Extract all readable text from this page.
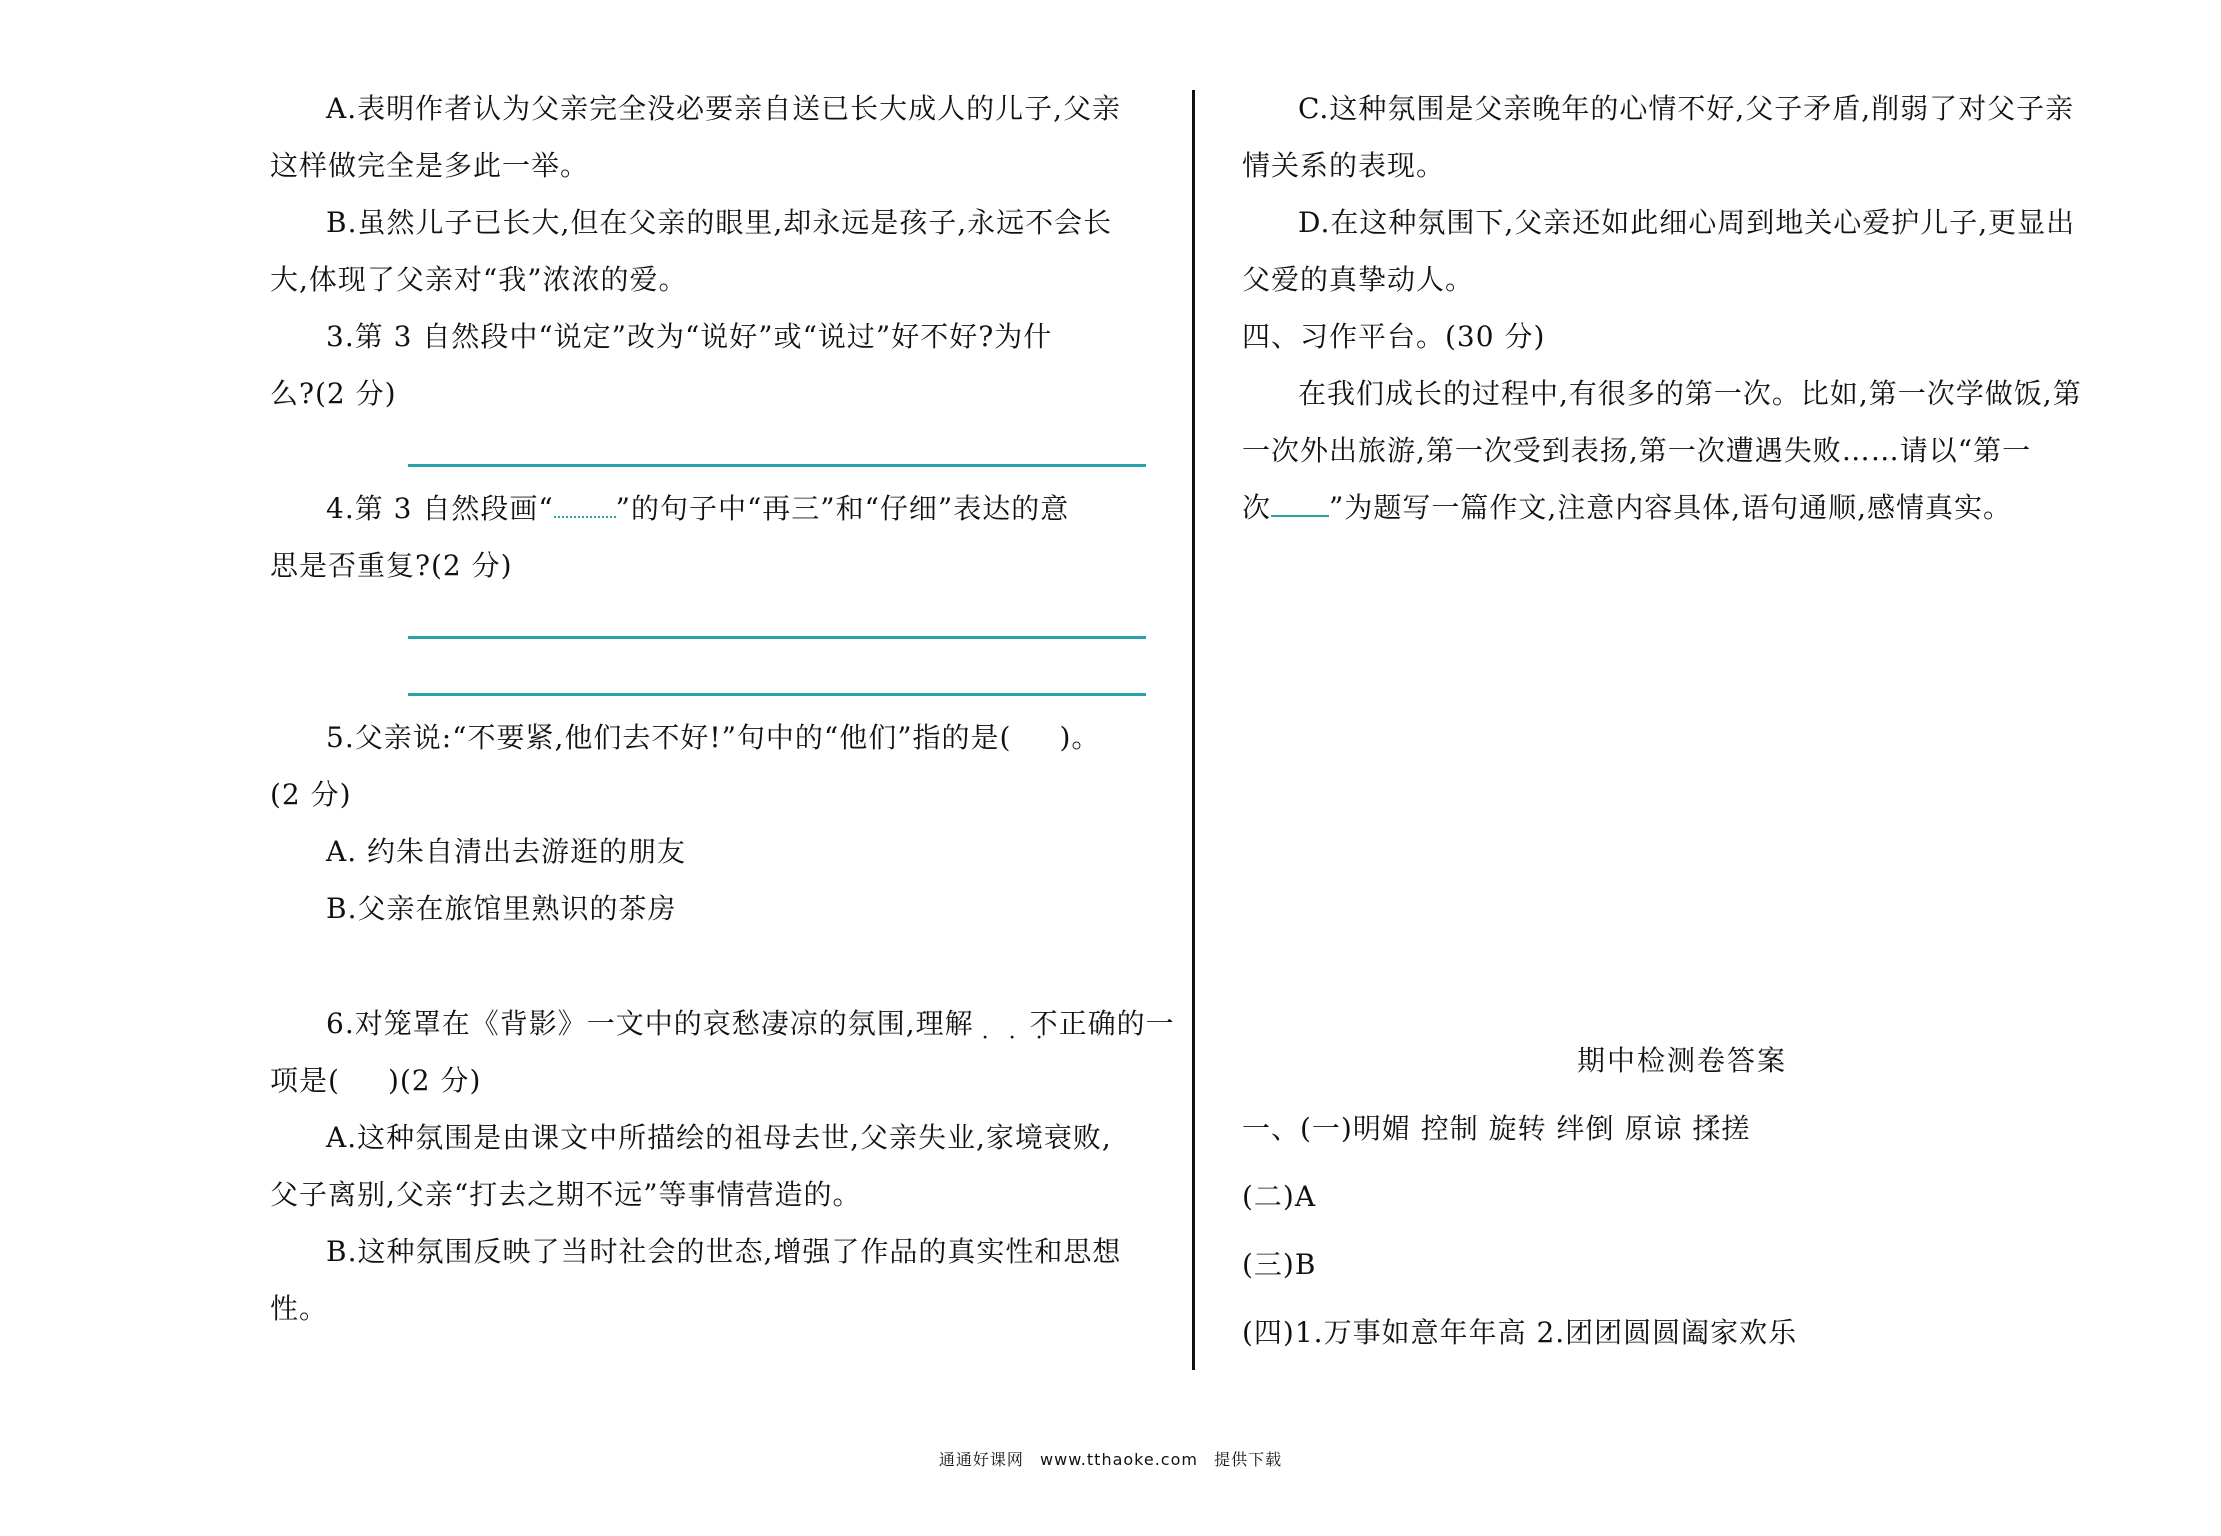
A.表明作者认为父亲完全没必要亲自送已长大成人的儿子,父亲
这样做完全是多此一举。
B.虽然儿子已长大,但在父亲的眼里,却永远是孩子,永远不会长
大,体现了父亲对“我”浓浓的爱。
3.第 3 自然段中“说定”改为“说好”或“说过”好不好?为什
么?(2 分)
4.第 3 自然段画“ ”的句子中“再三”和“仔细”表达的意
思是否重复?(2 分)
5.父亲说:“不要紧,他们去不好!”句中的“他们”指的是( )。
(2 分)
A. 约朱自清出去游逛的朋友
B.父亲在旅馆里熟识的茶房
6.对笼罩在《背影》一文中的哀愁凄凉的氛围,理解 不正确
···	的一
项是( )(2 分)
A.这种氛围是由课文中所描绘的祖母去世,父亲失业,家境衰败,
父子离别,父亲“打去之期不远”等事情营造的。
B.这种氛围反映了当时社会的世态,增强了作品的真实性和思想
性。
C.这种氛围是父亲晚年的心情不好,父子矛盾,削弱了对父子亲
情关系的表现。
D.在这种氛围下,父亲还如此细心周到地关心爱护儿子,更显出
父爱的真挚动人。
四、习作平台。(30 分)
在我们成长的过程中,有很多的第一次。比如,第一次学做饭,第
一次外出旅游,第一次受到表扬,第一次遭遇失败……请以“第一
次 ”为题写一篇作文,注意内容具体,语句通顺,感情真实。
期中检测卷答案
一、(一)明媚 控制 旋转 绊倒 原谅 揉搓
(二)A
(三)B
(四)1.万事如意年年高 2.团团圆圆阖家欢乐
通通好课网 www.tthaoke.com 提供下载
